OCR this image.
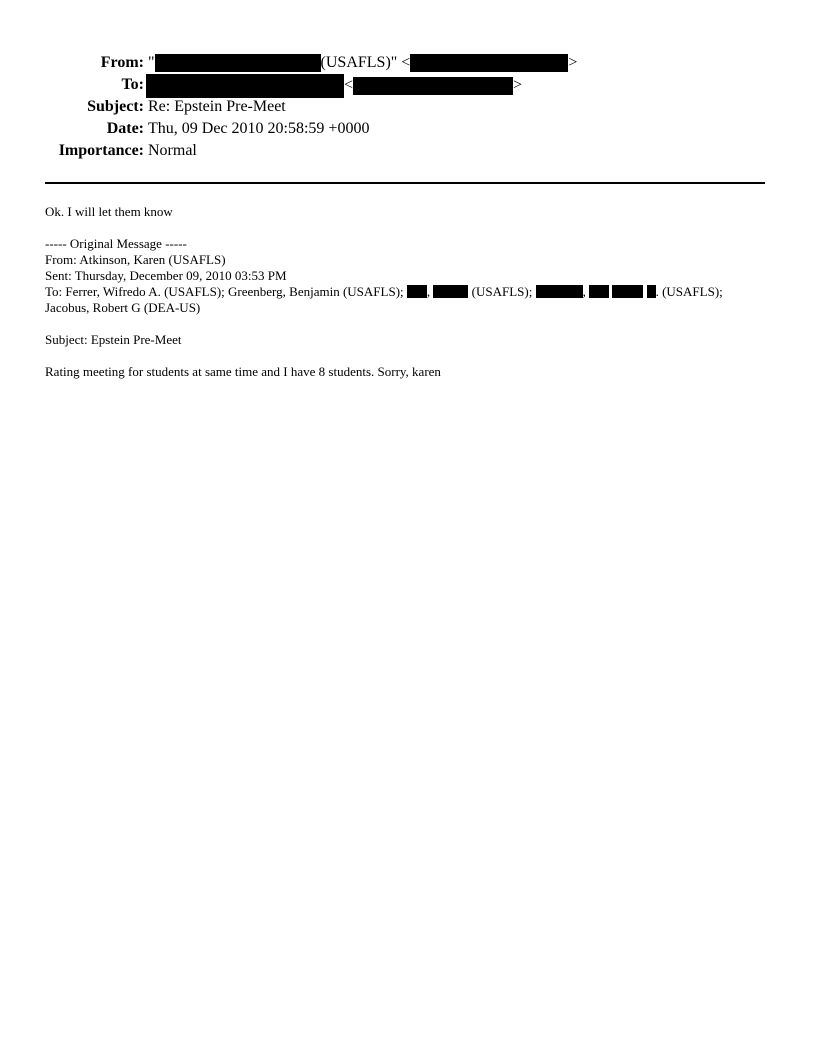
From: "	(USAFLS)" <	>
To:	<	>
Subject: Re: Epstein Pre-Meet
Date: Thu, 09 Dec 2010 20:58:59 +0000
Importance: Normal

Ok. I will let them know

----- Original Message -----

From: Atkinson, Karen (USAFLS)

Sent: Thursday, December 09, 2010 03:53 PM

To: Ferrer, Wifredo A. (USAFLS); Greenberg, Benjamin (USAFLS); ,	(USAFLS);	,	. (USAFLS);

Jacobus, Robert G (DEA-US)

Subject: Epstein Pre-Meet

Rating meeting for students at same time and I have 8 students. Sorry, karen
